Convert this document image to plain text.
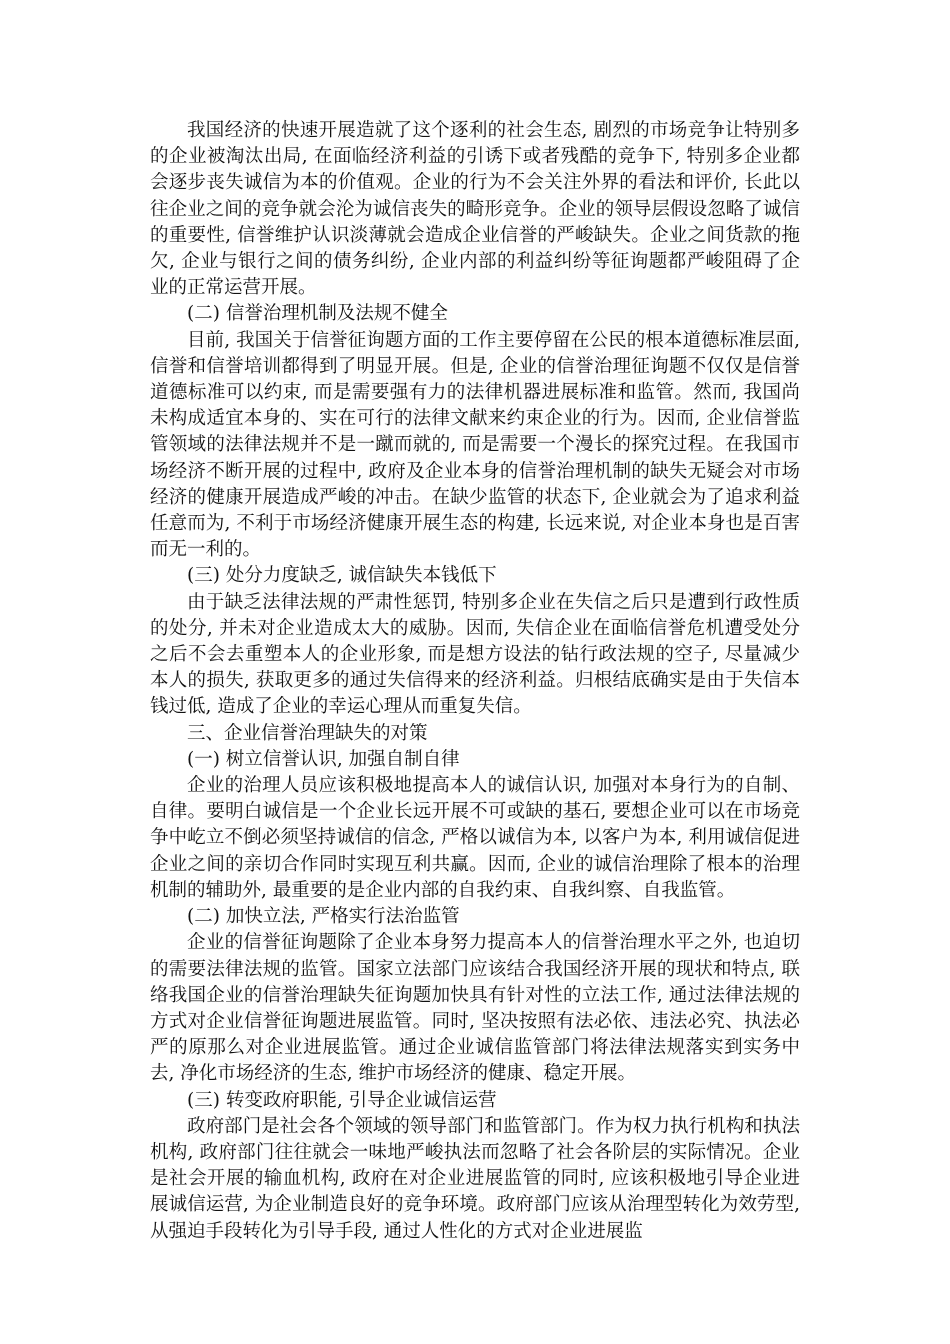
我国经济的快速开展造就了这个逐利的社会生态, 剧烈的市场竞争让特别多的企业被淘汰出局, 在面临经济利益的引诱下或者残酷的竞争下, 特别多企业都会逐步丧失诚信为本的价值观。企业的行为不会关注外界的看法和评价, 长此以往企业之间的竞争就会沦为诚信丧失的畸形竞争。企业的领导层假设忽略了诚信的重要性, 信誉维护认识淡薄就会造成企业信誉的严峻缺失。企业之间货款的拖欠, 企业与银行之间的债务纠纷, 企业内部的利益纠纷等征询题都严峻阻碍了企业的正常运营开展。

(二) 信誉治理机制及法规不健全

目前, 我国关于信誉征询题方面的工作主要停留在公民的根本道德标准层面, 信誉和信誉培训都得到了明显开展。但是, 企业的信誉治理征询题不仅仅是信誉道德标准可以约束, 而是需要强有力的法律机器进展标准和监管。然而, 我国尚未构成适宜本身的、实在可行的法律文献来约束企业的行为。因而, 企业信誉监管领域的法律法规并不是一蹴而就的, 而是需要一个漫长的探究过程。在我国市场经济不断开展的过程中, 政府及企业本身的信誉治理机制的缺失无疑会对市场经济的健康开展造成严峻的冲击。在缺少监管的状态下, 企业就会为了追求利益任意而为, 不利于市场经济健康开展生态的构建, 长远来说, 对企业本身也是百害而无一利的。

(三) 处分力度缺乏, 诚信缺失本钱低下

由于缺乏法律法规的严肃性惩罚, 特别多企业在失信之后只是遭到行政性质的处分, 并未对企业造成太大的威胁。因而, 失信企业在面临信誉危机遭受处分之后不会去重塑本人的企业形象, 而是想方设法的钻行政法规的空子, 尽量减少本人的损失, 获取更多的通过失信得来的经济利益。归根结底确实是由于失信本钱过低, 造成了企业的幸运心理从而重复失信。

三、企业信誉治理缺失的对策

(一) 树立信誉认识, 加强自制自律

企业的治理人员应该积极地提高本人的诚信认识, 加强对本身行为的自制、自律。要明白诚信是一个企业长远开展不可或缺的基石, 要想企业可以在市场竞争中屹立不倒必须坚持诚信的信念, 严格以诚信为本, 以客户为本, 利用诚信促进企业之间的亲切合作同时实现互利共赢。因而, 企业的诚信治理除了根本的治理机制的辅助外, 最重要的是企业内部的自我约束、自我纠察、自我监管。

(二) 加快立法, 严格实行法治监管

企业的信誉征询题除了企业本身努力提高本人的信誉治理水平之外, 也迫切的需要法律法规的监管。国家立法部门应该结合我国经济开展的现状和特点, 联络我国企业的信誉治理缺失征询题加快具有针对性的立法工作, 通过法律法规的方式对企业信誉征询题进展监管。同时, 坚决按照有法必依、违法必究、执法必严的原那么对企业进展监管。通过企业诚信监管部门将法律法规落实到实务中去, 净化市场经济的生态, 维护市场经济的健康、稳定开展。

(三) 转变政府职能, 引导企业诚信运营

政府部门是社会各个领域的领导部门和监管部门。作为权力执行机构和执法机构, 政府部门往往就会一味地严峻执法而忽略了社会各阶层的实际情况。企业是社会开展的输血机构, 政府在对企业进展监管的同时, 应该积极地引导企业进展诚信运营, 为企业制造良好的竞争环境。政府部门应该从治理型转化为效劳型, 从强迫手段转化为引导手段, 通过人性化的方式对企业进展监
